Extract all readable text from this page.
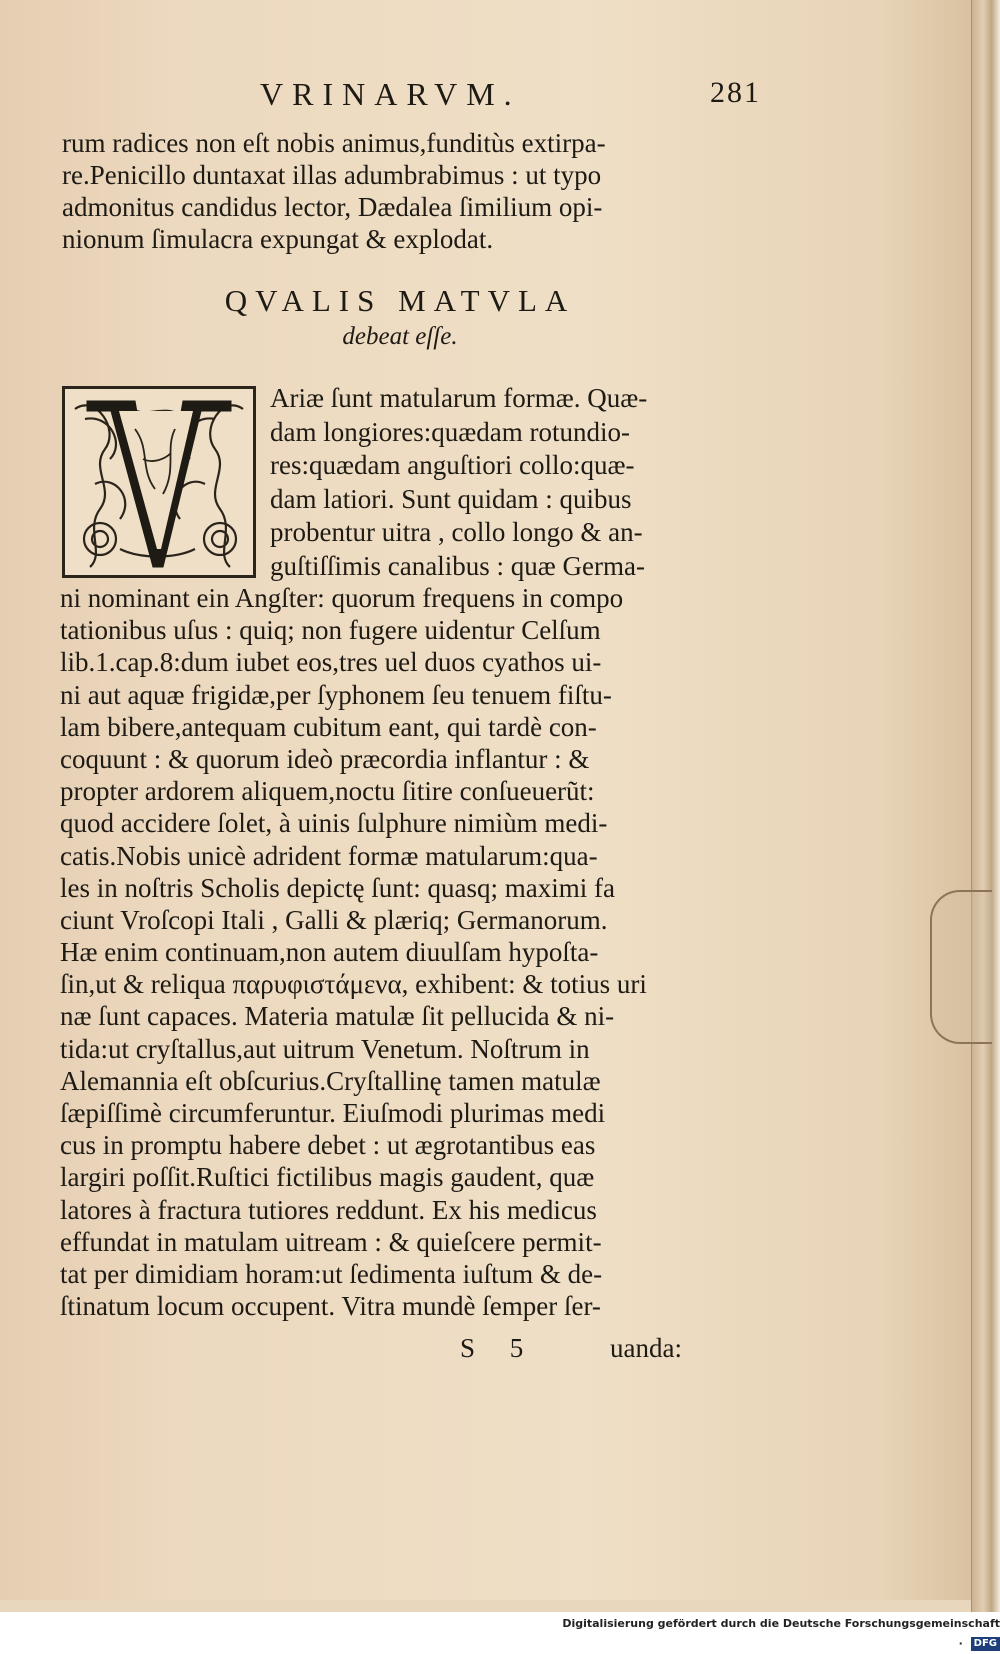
VRINARVM.	281
rum radices non eſt nobis animus,funditùs extirpa-
re.Penicillo duntaxat illas adumbrabimus : ut typo
admonitus candidus lector, Dædalea ſimilium opi-
nionum ſimulacra expungat & explodat.
QVALIS MATVLA
debeat eſſe.
Ariæ ſunt matularum formæ. Quæ-
dam longiores:quædam rotundio-
res:quædam anguſtiori collo:quæ-
dam latiori. Sunt quidam : quibus
probentur uitra , collo longo & an-
guſtiſſimis canalibus : quæ Germa-
ni nominant ein Angſter: quorum frequens in compo
tationibus uſus : quiq; non fugere uidentur Celſum
lib.1.cap.8:dum iubet eos,tres uel duos cyathos ui-
ni aut aquæ frigidæ,per ſyphonem ſeu tenuem fiſtu-
lam bibere,antequam cubitum eant, qui tardè con-
coquunt : & quorum ideò præcordia inflantur : &
propter ardorem aliquem,noctu ſitire conſueuerũt:
quod accidere ſolet, à uinis ſulphure nimiùm medi-
catis.Nobis unicè adrident formæ matularum:qua-
les in noſtris Scholis depictę ſunt: quasq; maximi fa
ciunt Vroſcopi Itali , Galli & plæriq; Germanorum.
Hæ enim continuam,non autem diuulſam hypoſta-
ſin,ut & reliqua παρυφιστάμενα, exhibent: & totius uri
næ ſunt capaces. Materia matulæ ſit pellucida & ni-
tida:ut cryſtallus,aut uitrum Venetum. Noſtrum in
Alemannia eſt obſcurius.Cryſtallinę tamen matulæ
ſæpiſſimè circumferuntur. Eiuſmodi plurimas medi
cus in promptu habere debet : ut ægrotantibus eas
largiri poſſit.Ruſtici fictilibus magis gaudent, quæ
latores à fractura tutiores reddunt. Ex his medicus
effundat in matulam uitream : & quieſcere permit-
tat per dimidiam horam:ut ſedimenta iuſtum & de-
ſtinatum locum occupent. Vitra mundè ſemper ſer-
S 5	uanda:
Digitalisierung gefördert durch die Deutsche Forschungsgemeinschaft · DFG
